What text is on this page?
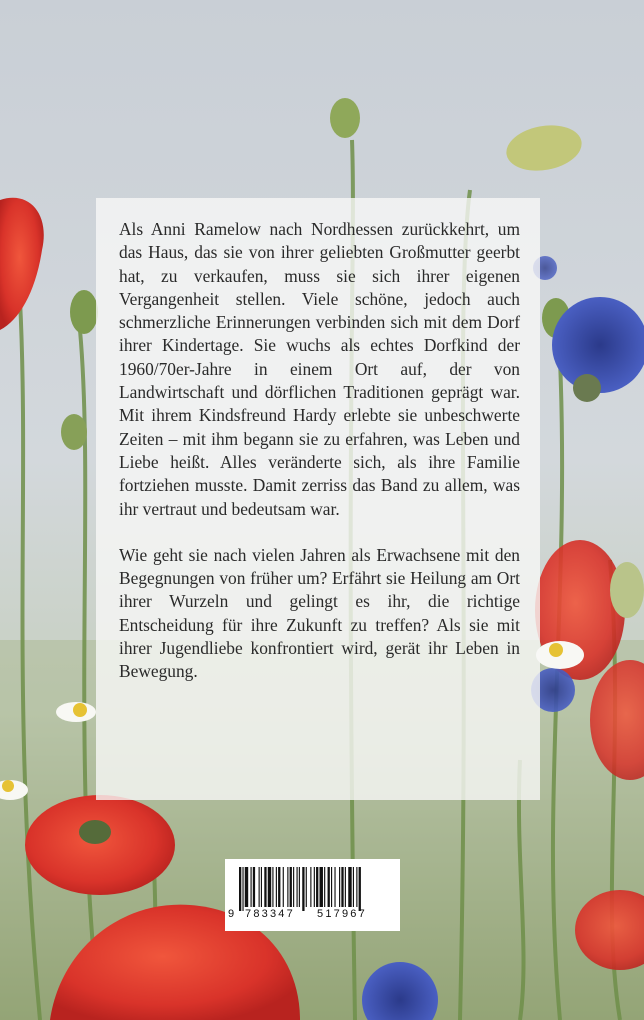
Als Anni Ramelow nach Nordhessen zurückkehrt, um das Haus, das sie von ihrer geliebten Großmutter geerbt hat, zu verkaufen, muss sie sich ihrer eigenen Vergangenheit stellen. Viele schöne, jedoch auch schmerzliche Erinnerungen verbinden sich mit dem Dorf ihrer Kindertage. Sie wuchs als echtes Dorfkind der 1960/70er-Jahre in einem Ort auf, der von Landwirtschaft und dörflichen Traditionen geprägt war. Mit ihrem Kindsfreund Hardy erlebte sie unbeschwerte Zeiten – mit ihm begann sie zu erfahren, was Leben und Liebe heißt. Alles veränderte sich, als ihre Familie fortziehen musste. Damit zerriss das Band zu allem, was ihr vertraut und bedeutsam war.

Wie geht sie nach vielen Jahren als Erwachsene mit den Begegnungen von früher um? Erfährt sie Heilung am Ort ihrer Wurzeln und gelingt es ihr, die richtige Entscheidung für ihre Zukunft zu treffen? Als sie mit ihrer Jugendliebe konfrontiert wird, gerät ihr Leben in Bewegung.

9 783347 517967
